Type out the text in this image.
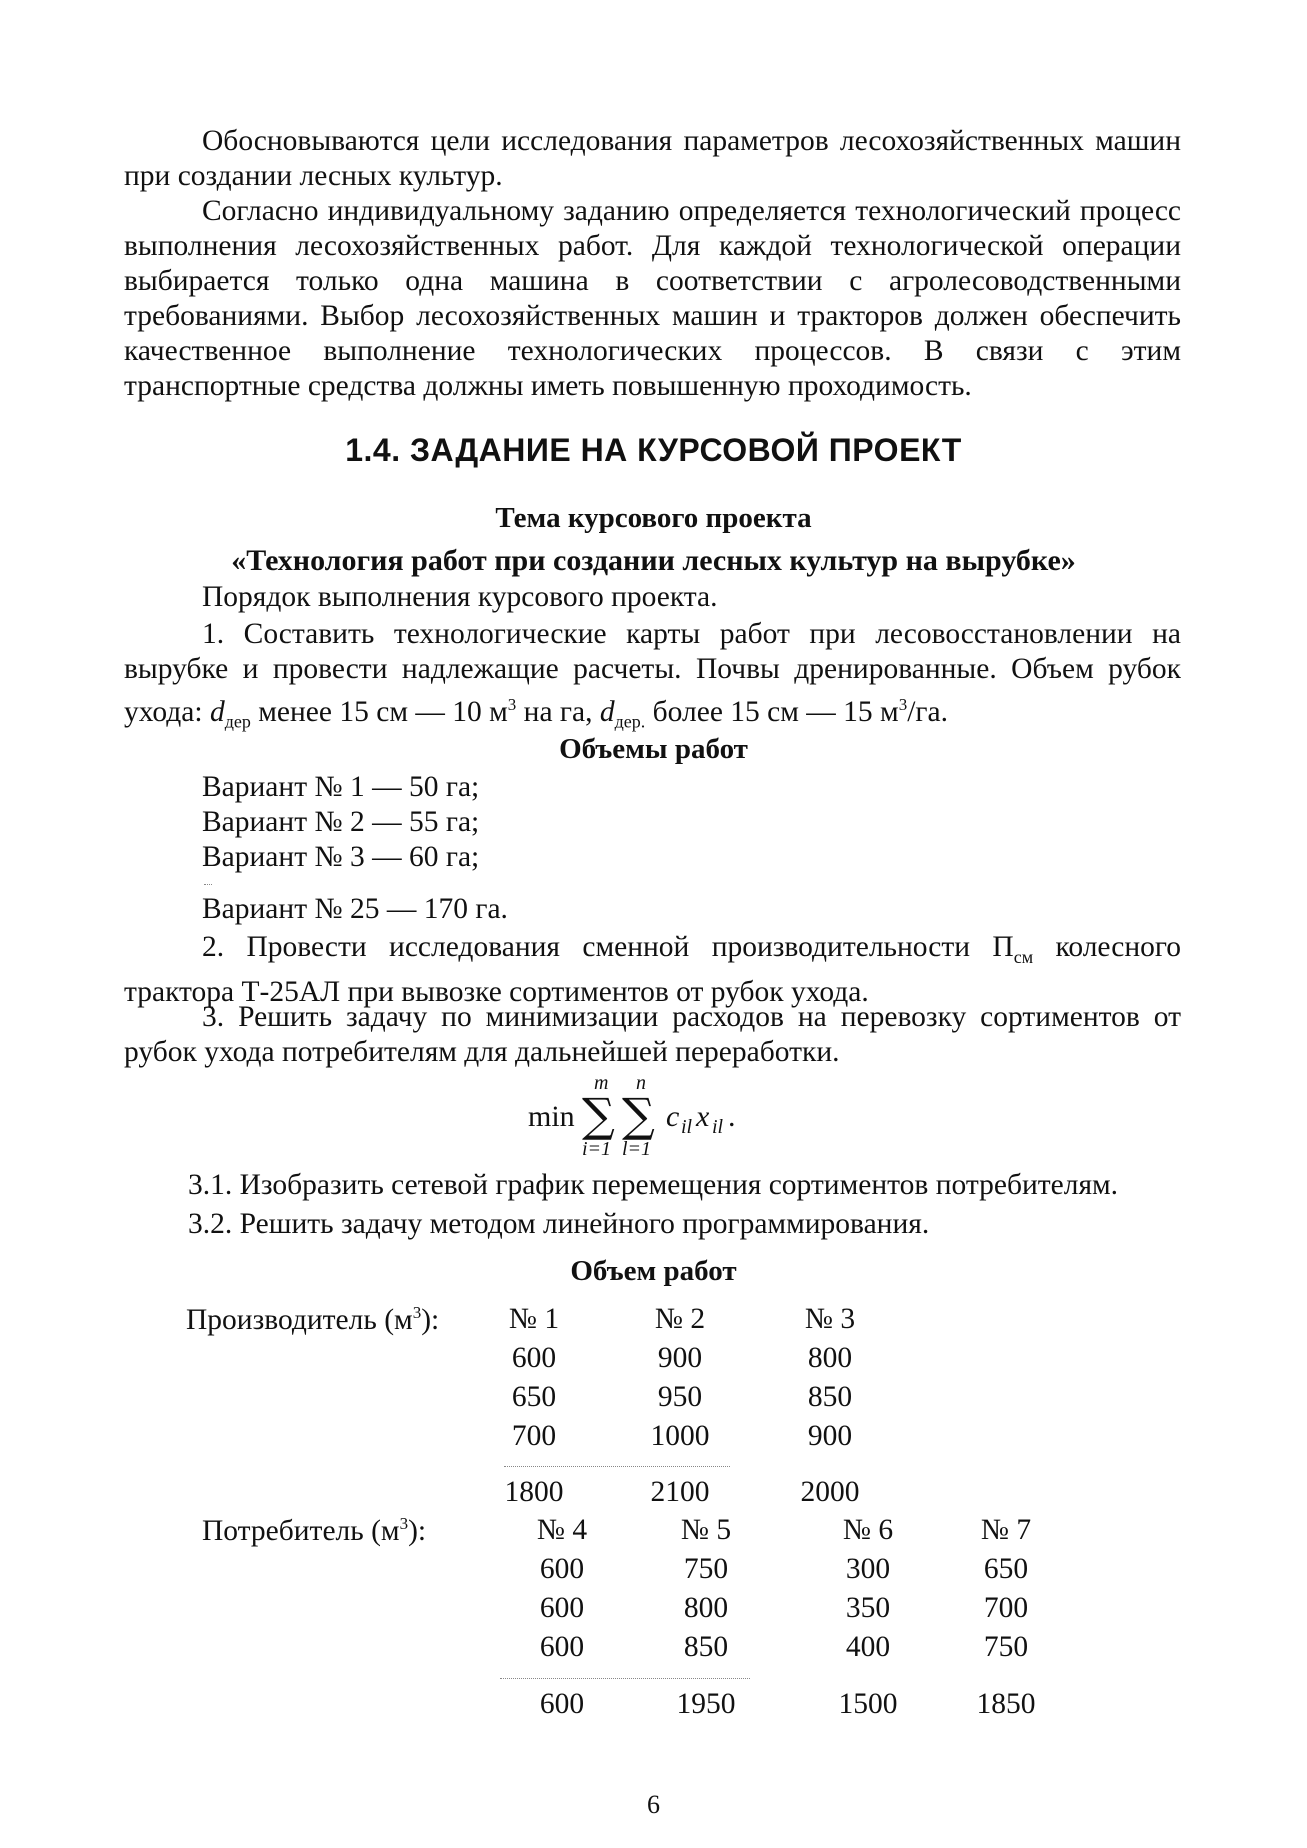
Обосновываются цели исследования параметров лесохозяйственных машин при создании лесных культур.

Согласно индивидуальному заданию определяется технологический процесс выполнения лесохозяйственных работ. Для каждой технологической операции выбирается только одна машина в соответствии с агролесоводственными требованиями. Выбор лесохозяйственных машин и тракторов должен обеспечить качественное выполнение технологических процессов. В связи с этим транспортные средства должны иметь повышенную проходимость.

1.4. ЗАДАНИЕ НА КУРСОВОЙ ПРОЕКТ

Тема курсового проекта

«Технология работ при создании лесных культур на вырубке»

Порядок выполнения курсового проекта.

1. Составить технологические карты работ при лесовосстановлении на вырубке и провести надлежащие расчеты. Почвы дренированные. Объем рубок ухода: $d_{дер}$ менее 15 см — 10 $м^3$ на га, $d_{дер.}$ более 15 см — 15 $м^3/га$.

Объемы работ

Вариант № 1 — 50 га;

Вариант № 2 — 55 га;

Вариант № 3 — 60 га;

Вариант № 25 — 170 га.

2. Провести исследования сменной производительности $П_{см}$ колесного трактора Т-25АЛ при вывозке сортиментов от рубок ухода.

3. Решить задачу по минимизации расходов на перевозку сортиментов от рубок ухода потребителям для дальнейшей переработки.

min ∑
m
i=1
∑
n
l=1
c il x il .

3.1. Изобразить сетевой график перемещения сортиментов потребителям.

3.2. Решить задачу методом линейного программирования.

Объем работ

Производитель $(м^3)$:	№ 1	№ 2	№ 3
600	900	800
650	950	850
700	1000	900
1800	2100	2000
Потребитель $(м^3)$:	№ 4	№ 5	№ 6	№ 7
600	750	300	650
600	800	350	700
600	850	400	750
600	1950	1500	1850
6
